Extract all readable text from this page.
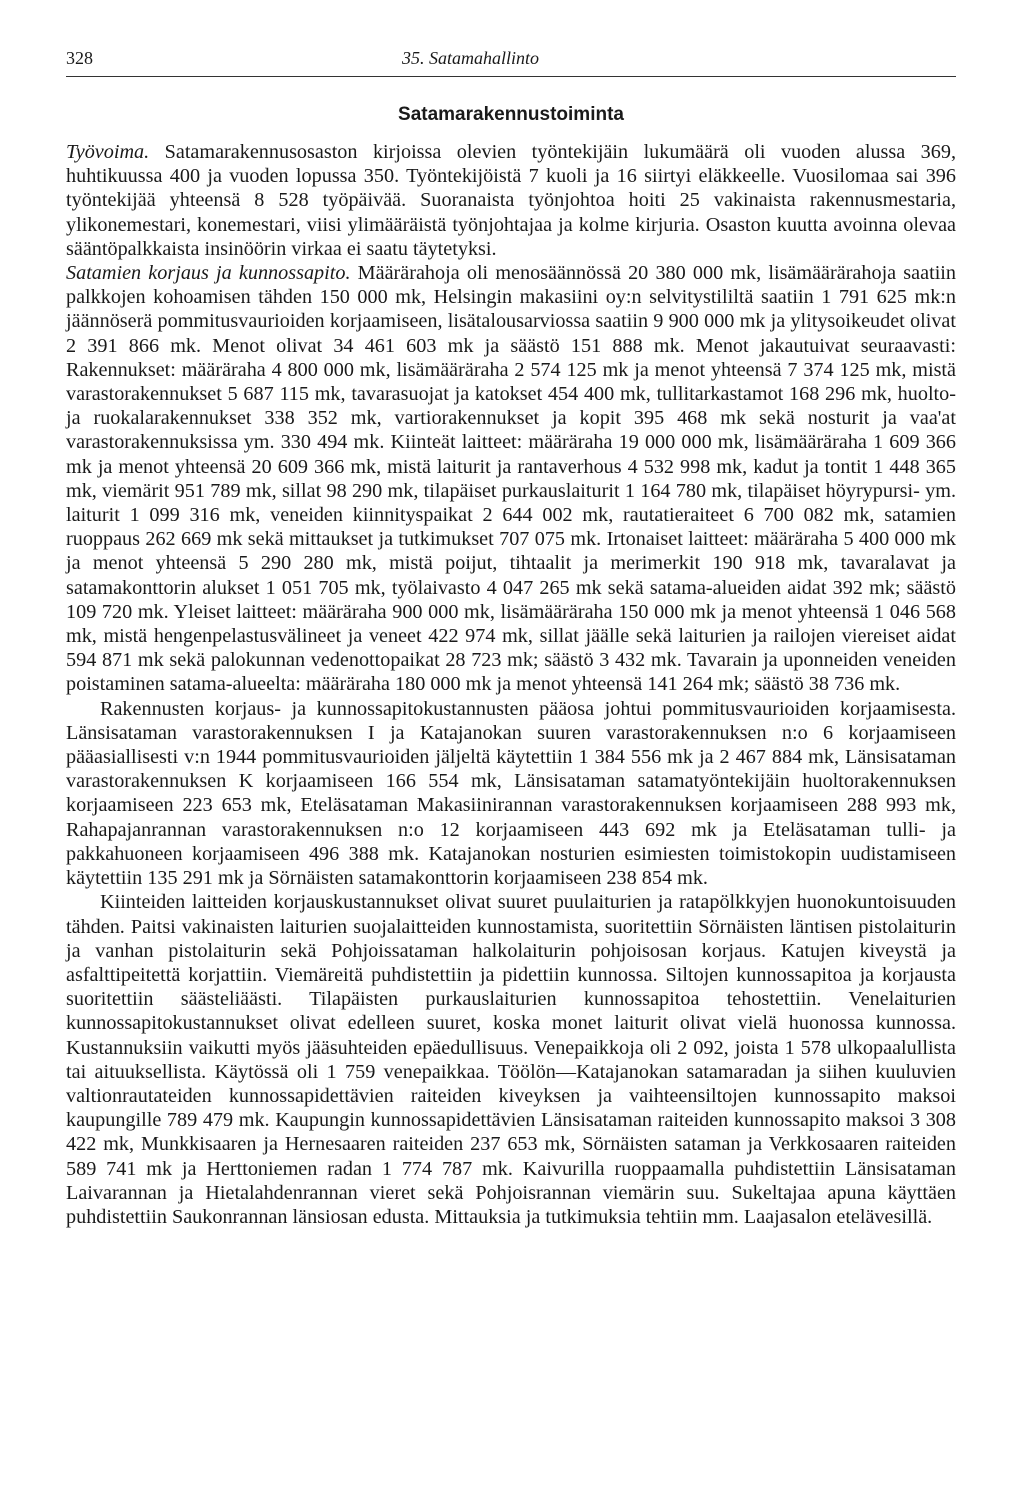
328	35. Satamahallinto
Satamarakennustoiminta

Työvoima. Satamarakennusosaston kirjoissa olevien työntekijäin lukumäärä oli vuoden alussa 369, huhtikuussa 400 ja vuoden lopussa 350. Työntekijöistä 7 kuoli ja 16 siirtyi eläkkeelle. Vuosilomaa sai 396 työntekijää yhteensä 8 528 työpäivää. Suoranaista työnjohtoa hoiti 25 vakinaista rakennusmestaria, ylikonemestari, konemestari, viisi ylimääräistä työnjohtajaa ja kolme kirjuria. Osaston kuutta avoinna olevaa sääntöpalkkaista insinöörin virkaa ei saatu täytetyksi.

Satamien korjaus ja kunnossapito. Määrärahoja oli menosäännössä 20 380 000 mk, lisämäärärahoja saatiin palkkojen kohoamisen tähden 150 000 mk, Helsingin makasiini oy:n selvitystililtä saatiin 1 791 625 mk:n jäännöserä pommitusvaurioiden korjaamiseen, lisätalousarviossa saatiin 9 900 000 mk ja ylitysoikeudet olivat 2 391 866 mk. Menot olivat 34 461 603 mk ja säästö 151 888 mk. Menot jakautuivat seuraavasti: Rakennukset: määräraha 4 800 000 mk, lisämääräraha 2 574 125 mk ja menot yhteensä 7 374 125 mk, mistä varastorakennukset 5 687 115 mk, tavarasuojat ja katokset 454 400 mk, tullitarkastamot 168 296 mk, huolto- ja ruokalarakennukset 338 352 mk, vartiorakennukset ja kopit 395 468 mk sekä nosturit ja vaa'at varastorakennuksissa ym. 330 494 mk. Kiinteät laitteet: määräraha 19 000 000 mk, lisämääräraha 1 609 366 mk ja menot yhteensä 20 609 366 mk, mistä laiturit ja rantaverhous 4 532 998 mk, kadut ja tontit 1 448 365 mk, viemärit 951 789 mk, sillat 98 290 mk, tilapäiset purkauslaiturit 1 164 780 mk, tilapäiset höyrypursi- ym. laiturit 1 099 316 mk, veneiden kiinnityspaikat 2 644 002 mk, rautatieraiteet 6 700 082 mk, satamien ruoppaus 262 669 mk sekä mittaukset ja tutkimukset 707 075 mk. Irtonaiset laitteet: määräraha 5 400 000 mk ja menot yhteensä 5 290 280 mk, mistä poijut, tihtaalit ja merimerkit 190 918 mk, tavaralavat ja satamakonttorin alukset 1 051 705 mk, työlaivasto 4 047 265 mk sekä satama-alueiden aidat 392 mk; säästö 109 720 mk. Yleiset laitteet: määräraha 900 000 mk, lisämääräraha 150 000 mk ja menot yhteensä 1 046 568 mk, mistä hengenpelastusvälineet ja veneet 422 974 mk, sillat jäälle sekä laiturien ja railojen viereiset aidat 594 871 mk sekä palokunnan vedenottopaikat 28 723 mk; säästö 3 432 mk. Tavarain ja uponneiden veneiden poistaminen satama-alueelta: määräraha 180 000 mk ja menot yhteensä 141 264 mk; säästö 38 736 mk.

Rakennusten korjaus- ja kunnossapitokustannusten pääosa johtui pommitusvaurioiden korjaamisesta. Länsisataman varastorakennuksen I ja Katajanokan suuren varastorakennuksen n:o 6 korjaamiseen pääasiallisesti v:n 1944 pommitusvaurioiden jäljeltä käytettiin 1 384 556 mk ja 2 467 884 mk, Länsisataman varastorakennuksen K korjaamiseen 166 554 mk, Länsisataman satamatyöntekijäin huoltorakennuksen korjaamiseen 223 653 mk, Eteläsataman Makasiinirannan varastorakennuksen korjaamiseen 288 993 mk, Rahapajanrannan varastorakennuksen n:o 12 korjaamiseen 443 692 mk ja Eteläsataman tulli- ja pakkahuoneen korjaamiseen 496 388 mk. Katajanokan nosturien esimiesten toimistokopin uudistamiseen käytettiin 135 291 mk ja Sörnäisten satamakonttorin korjaamiseen 238 854 mk.

Kiinteiden laitteiden korjauskustannukset olivat suuret puulaiturien ja ratapölkkyjen huonokuntoisuuden tähden. Paitsi vakinaisten laiturien suojalaitteiden kunnostamista, suoritettiin Sörnäisten läntisen pistolaiturin ja vanhan pistolaiturin sekä Pohjoissataman halkolaiturin pohjoisosan korjaus. Katujen kiveystä ja asfalttipeitettä korjattiin. Viemäreitä puhdistettiin ja pidettiin kunnossa. Siltojen kunnossapitoa ja korjausta suoritettiin säästeliäästi. Tilapäisten purkauslaiturien kunnossapitoa tehostettiin. Venelaiturien kunnossapitokustannukset olivat edelleen suuret, koska monet laiturit olivat vielä huonossa kunnossa. Kustannuksiin vaikutti myös jääsuhteiden epäedullisuus. Venepaikkoja oli 2 092, joista 1 578 ulkopaalullista tai aituuksellista. Käytössä oli 1 759 venepaikkaa. Töölön—Katajanokan satamaradan ja siihen kuuluvien valtionrautateiden kunnossapidettävien raiteiden kiveyksen ja vaihteensiltojen kunnossapito maksoi kaupungille 789 479 mk. Kaupungin kunnossapidettävien Länsisataman raiteiden kunnossapito maksoi 3 308 422 mk, Munkkisaaren ja Hernesaaren raiteiden 237 653 mk, Sörnäisten sataman ja Verkkosaaren raiteiden 589 741 mk ja Herttoniemen radan 1 774 787 mk. Kaivurilla ruoppaamalla puhdistettiin Länsisataman Laivarannan ja Hietalahdenrannan vieret sekä Pohjoisrannan viemärin suu. Sukeltajaa apuna käyttäen puhdistettiin Saukonrannan länsiosan edusta. Mittauksia ja tutkimuksia tehtiin mm. Laajasalon etelävesillä.
